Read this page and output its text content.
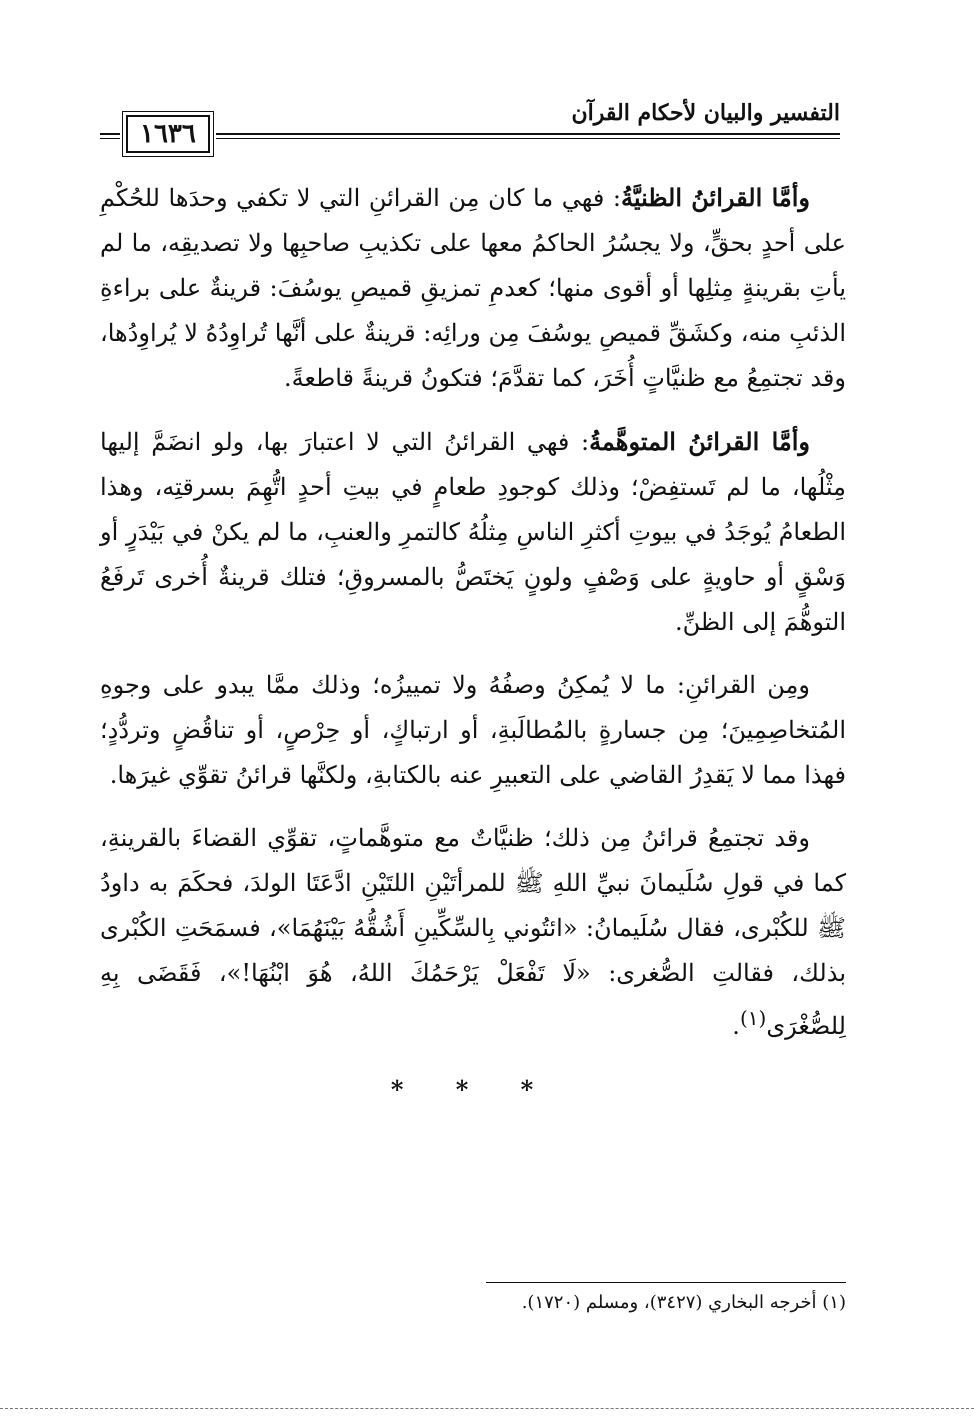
التفسير والبيان لأحكام القرآن
١٦٣٦

وأمَّا القرائنُ الظنيَّةُ: فهي ما كان مِن القرائنِ التي لا تكفي وحدَها للحُكْمِ على أحدٍ بحقٍّ، ولا يجسُرُ الحاكمُ معها على تكذيبِ صاحبِها ولا تصديقِه، ما لم يأتِ بقرينةٍ مِثلِها أو أقوى منها؛ كعدمِ تمزيقِ قميصِ يوسُفَ: قرينةٌ على براءةِ الذئبِ منه، وكشَقِّ قميصِ يوسُفَ مِن ورائِه: قرينةٌ على أنَّها تُراوِدُهُ لا يُراوِدُها، وقد تجتمِعُ مع ظنيَّاتٍ أُخَرَ، كما تقدَّمَ؛ فتكونُ قرينةً قاطعةً.

وأمَّا القرائنُ المتوهَّمةُ: فهي القرائنُ التي لا اعتبارَ بها، ولو انضَمَّ إليها مِثْلُها، ما لم تَستفِضْ؛ وذلك كوجودِ طعامٍ في بيتِ أحدٍ اتُّهِمَ بسرقتِه، وهذا الطعامُ يُوجَدُ في بيوتِ أكثرِ الناسِ مِثلُهُ كالتمرِ والعنبِ، ما لم يكنْ في بَيْدَرٍ أو وَسْقٍ أو حاويةٍ على وَصْفٍ ولونٍ يَختَصُّ بالمسروقِ؛ فتلك قرينةٌ أُخرى تَرفَعُ التوهُّمَ إلى الظنِّ.

ومِن القرائنِ: ما لا يُمكِنُ وصفُهُ ولا تمييزُه؛ وذلك ممَّا يبدو على وجوهِ المُتخاصِمِينَ؛ مِن جسارةٍ بالمُطالَبةِ، أو ارتباكٍ، أو حِرْصٍ، أو تناقُضٍ وتردُّدٍ؛ فهذا مما لا يَقدِرُ القاضي على التعبيرِ عنه بالكتابةِ، ولكنَّها قرائنُ تقوِّي غيرَها.

وقد تجتمِعُ قرائنُ مِن ذلك؛ ظنيَّاتٌ مع متوهَّماتٍ، تقوِّي القضاءَ بالقرينةِ، كما في قولِ سُلَيمانَ نبيِّ اللهِ ﷺ للمرأتَيْنِ اللتَيْنِ ادَّعَتَا الولدَ، فحكَمَ به داودُ ﷺ للكُبْرى، فقال سُلَيمانُ: «ائتُوني بِالسِّكِّينِ أَشُقُّهُ بَيْنَهُمَا»، فسمَحَتِ الكُبْرى بذلك، فقالتِ الصُّغرى: «لَا تَفْعَلْ يَرْحَمُكَ اللهُ، هُوَ ابْنُهَا!»، فَقَضَى بِهِ لِلصُّغْرَى$^{(١)}$.

* * *
(١) أخرجه البخاري (٣٤٢٧)، ومسلم (١٧٢٠).
